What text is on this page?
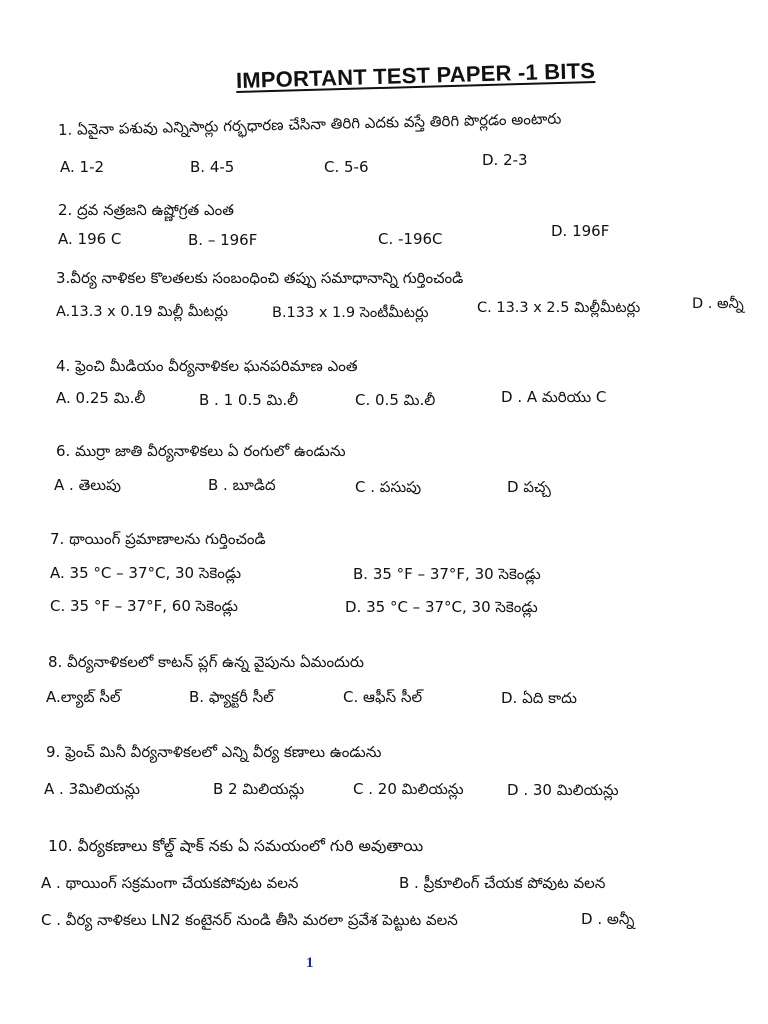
IMPORTANT TEST PAPER -1 BITS
1. ఏవైనా పశువు ఎన్నిసార్లు గర్భధారణ చేసినా తిరిగి ఎదకు వస్తే తిరిగి పొర్లడం అంటారు
A. 1-2	B. 4-5	C. 5-6	D. 2-3
2. ద్రవ నత్రజని ఉష్ణోగ్రత ఎంత
A. 196 C	B. – 196F	C. -196C	D. 196F
3.వీర్య నాళికల కొలతలకు సంబంధించి తప్పు సమాధానాన్ని గుర్తించండి
A.13.3 x 0.19 మిల్లీ మీటర్లు	B.133 x 1.9 సెంటీమీటర్లు	C. 13.3 x 2.5 మిల్లీమీటర్లు	D . అన్నీ
4. ఫ్రెంచి మీడియం వీర్యనాళికల ఘనపరిమాణ ఎంత
A. 0.25 మి.లీ	B . 1 0.5 మి.లీ	C. 0.5 మి.లీ	D . A మరియు C
6. ముర్రా జాతి వీర్యనాళికలు ఏ రంగులో ఉండును
A . తెలుపు	B . బూడిద	C . పసుపు	D పచ్చ
7. థాయింగ్ ప్రమాణాలను గుర్తించండి
A. 35 °C – 37°C, 30 సెకెండ్లు	B. 35 °F – 37°F, 30 సెకెండ్లు
C. 35 °F – 37°F, 60 సెకెండ్లు	D. 35 °C – 37°C, 30 సెకెండ్లు
8. వీర్యనాళికలలో కాటన్ ప్లగ్ ఉన్న వైపును ఏమందురు
A.ల్యాబ్ సీల్	B. ఫ్యాక్టరీ సీల్	C. ఆఫీస్ సీల్	D. ఏది కాదు
9. ఫ్రెంచ్ మినీ వీర్యనాళికలలో ఎన్ని వీర్య కణాలు ఉండును
A . 3మిలియన్లు	B 2 మిలియన్లు	C . 20 మిలియన్లు	D . 30 మిలియన్లు
10. వీర్యకణాలు కోల్డ్ షాక్ నకు ఏ సమయంలో గురి అవుతాయి
A . థాయింగ్ సక్రమంగా చేయకపోవుట వలన	B . ప్రీకూలింగ్ చేయక పోవుట వలన
C . వీర్య నాళికలు LN2 కంటైనర్ నుండి తీసి మరలా ప్రవేశ పెట్టుట వలన	D . అన్నీ
1
